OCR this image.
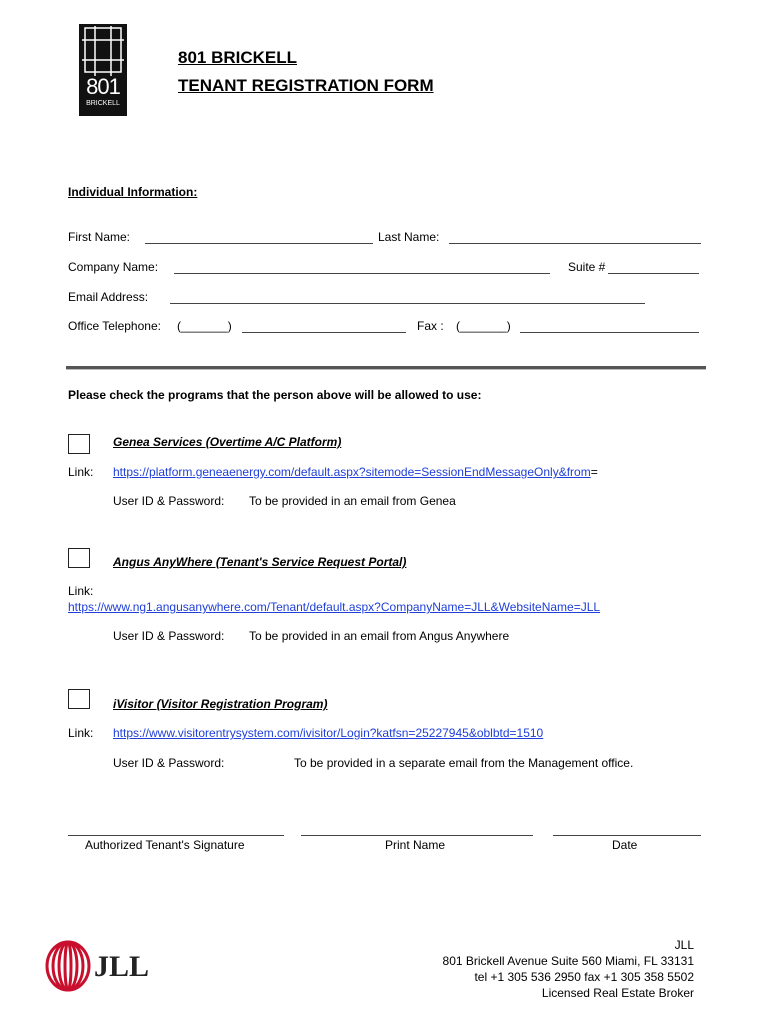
801
BRICKELL
801 BRICKELL
TENANT REGISTRATION FORM
Individual Information:
First Name:	Last Name:
Company Name:	Suite #
Email Address:
Office Telephone: (_______)	Fax : (_______)
Please check the programs that the person above will be allowed to use:
Genea Services (Overtime A/C Platform)
Link: https://platform.geneaenergy.com/default.aspx?sitemode=SessionEndMessageOnly&from=
User ID & Password: To be provided in an email from Genea
Angus AnyWhere (Tenant's Service Request Portal)
Link:
https://www.ng1.angusanywhere.com/Tenant/default.aspx?CompanyName=JLL&WebsiteName=JLL
User ID & Password: To be provided in an email from Angus Anywhere
iVisitor (Visitor Registration Program)
Link: https://www.visitorentrysystem.com/ivisitor/Login?katfsn=25227945&oblbtd=1510
User ID & Password:	To be provided in a separate email from the Management office.
Authorized Tenant's Signature	Print Name	Date
JLL
JLL
801 Brickell Avenue Suite 560 Miami, FL 33131
tel +1 305 536 2950 fax +1 305 358 5502
Licensed Real Estate Broker
